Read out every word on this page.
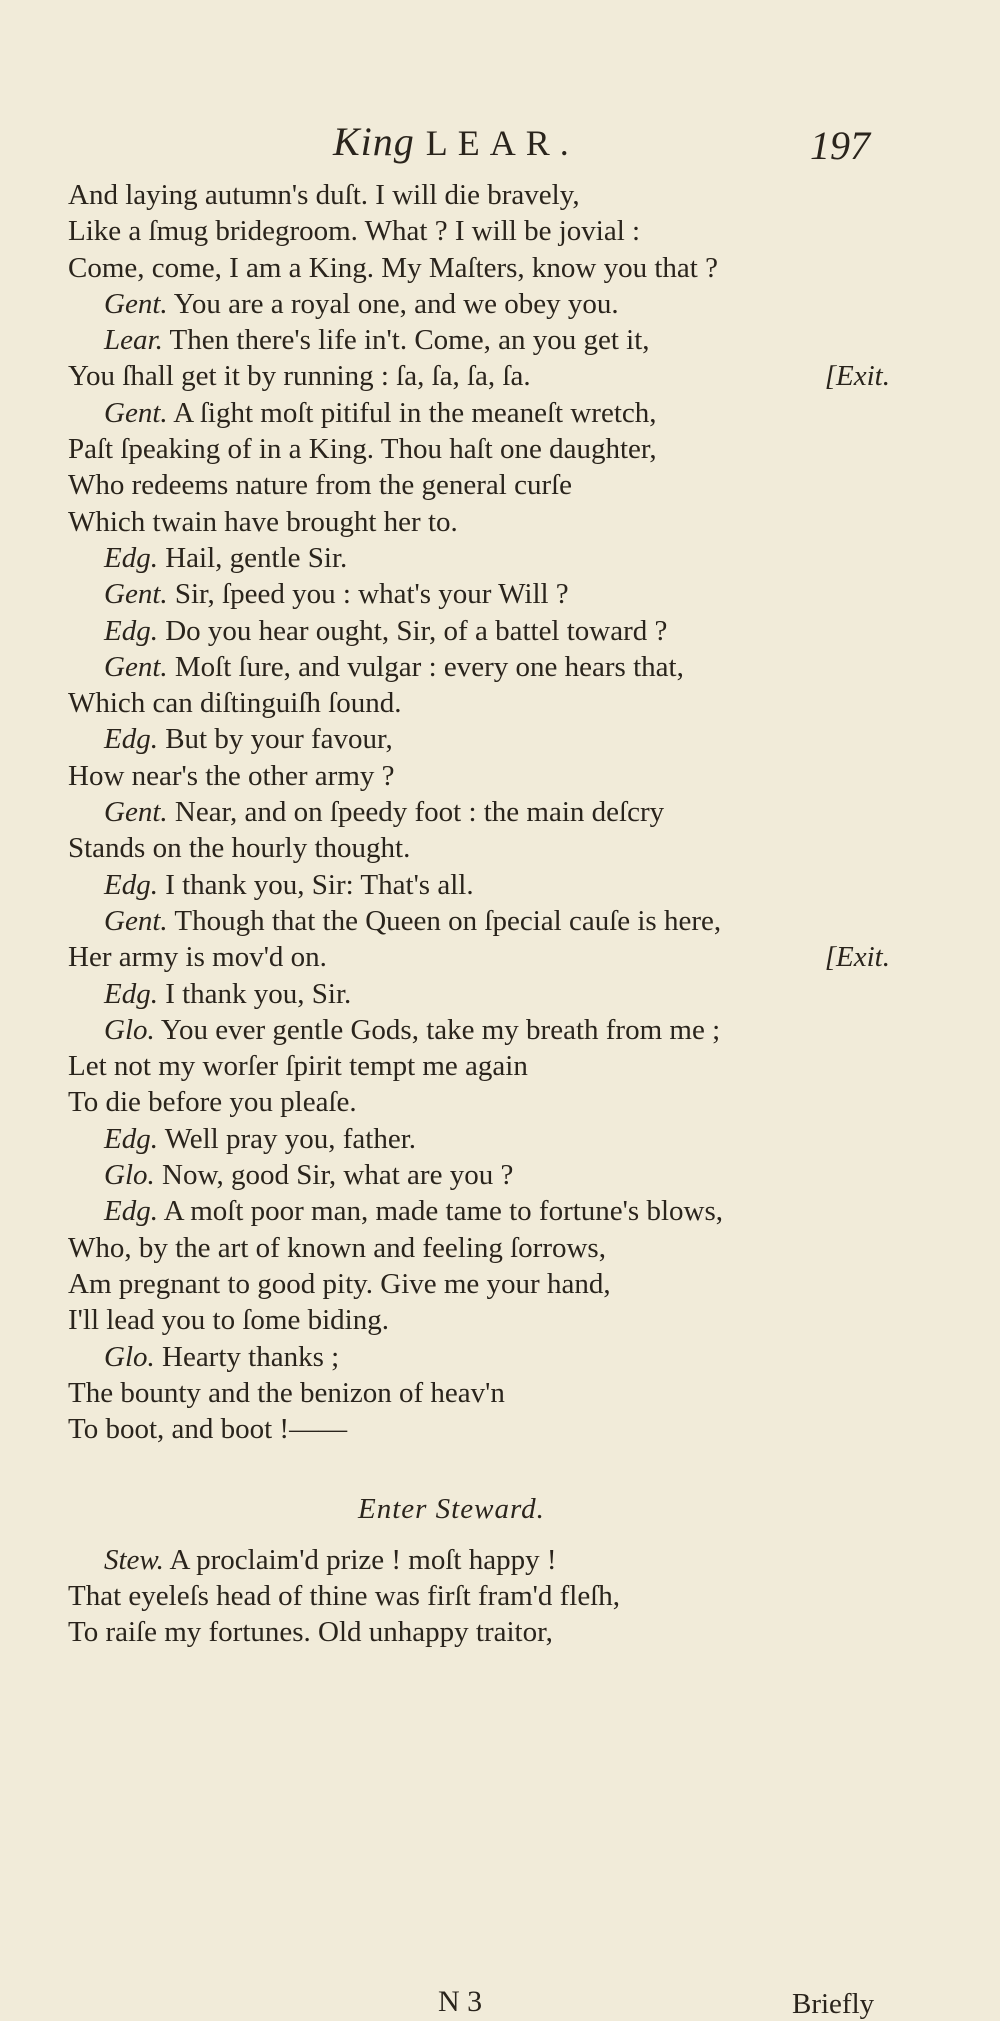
King LEAR.	197
And laying autumn's duſt. I will die bravely,
Like a ſmug bridegroom. What ? I will be jovial :
Come, come, I am a King. My Maſters, know you that ?
Gent. You are a royal one, and we obey you.
Lear. Then there's life in't. Come, an you get it,
You ſhall get it by running : ſa, ſa, ſa, ſa.	[Exit.
Gent. A ſight moſt pitiful in the meaneſt wretch,
Paſt ſpeaking of in a King. Thou haſt one daughter,
Who redeems nature from the general curſe
Which twain have brought her to.
Edg. Hail, gentle Sir.
Gent. Sir, ſpeed you : what's your Will ?
Edg. Do you hear ought, Sir, of a battel toward ?
Gent. Moſt ſure, and vulgar : every one hears that,
Which can diſtinguiſh ſound.
Edg. But by your favour,
How near's the other army ?
Gent. Near, and on ſpeedy foot : the main deſcry
Stands on the hourly thought.
Edg. I thank you, Sir: That's all.
Gent. Though that the Queen on ſpecial cauſe is here,
Her army is mov'd on.	[Exit.
Edg. I thank you, Sir.
Glo. You ever gentle Gods, take my breath from me ;
Let not my worſer ſpirit tempt me again
To die before you pleaſe.
Edg. Well pray you, father.
Glo. Now, good Sir, what are you ?
Edg. A moſt poor man, made tame to fortune's blows,
Who, by the art of known and feeling ſorrows,
Am pregnant to good pity. Give me your hand,
I'll lead you to ſome biding.
Glo. Hearty thanks ;
The bounty and the benizon of heav'n
To boot, and boot !——
Enter Steward.
Stew. A proclaim'd prize ! moſt happy !
That eyeleſs head of thine was firſt fram'd fleſh,
To raiſe my fortunes. Old unhappy traitor,
N 3	Briefly
